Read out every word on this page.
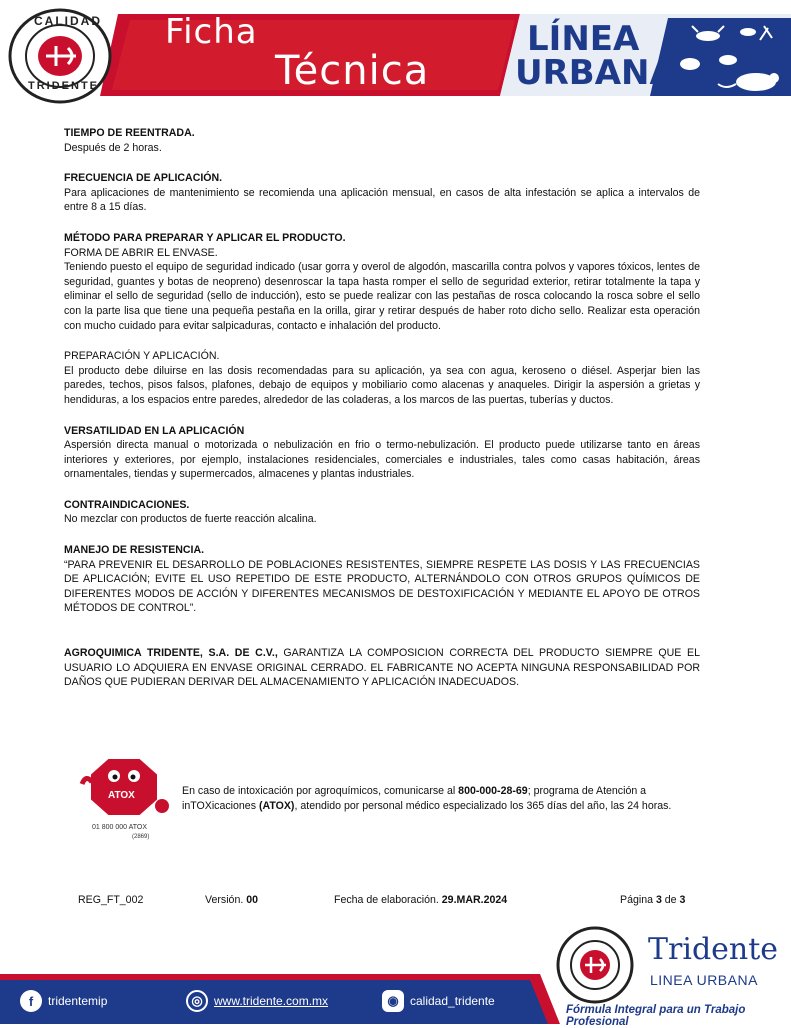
CALIDAD
TRIDENTE
Ficha
Técnica
LÍNEA
URBANA
TIEMPO DE REENTRADA.
Después de 2 horas.
FRECUENCIA DE APLICACIÓN.
Para aplicaciones de mantenimiento se recomienda una aplicación mensual, en casos de alta infestación se aplica a intervalos de entre 8 a 15 días.
MÉTODO PARA PREPARAR Y APLICAR EL PRODUCTO.
FORMA DE ABRIR EL ENVASE.
Teniendo puesto el equipo de seguridad indicado (usar gorra y overol de algodón, mascarilla contra polvos y vapores tóxicos, lentes de seguridad, guantes y botas de neopreno) desenroscar la tapa hasta romper el sello de seguridad exterior, retirar totalmente la tapa y eliminar el sello de seguridad (sello de inducción), esto se puede realizar con las pestañas de rosca colocando la rosca sobre el sello con la parte lisa que tiene una pequeña pestaña en la orilla, girar y retirar después de haber roto dicho sello. Realizar esta operación con mucho cuidado para evitar salpicaduras, contacto e inhalación del producto.
PREPARACIÓN Y APLICACIÓN.
El producto debe diluirse en las dosis recomendadas para su aplicación, ya sea con agua, keroseno o diésel. Asperjar bien las paredes, techos, pisos falsos, plafones, debajo de equipos y mobiliario como alacenas y anaqueles. Dirigir la aspersión a grietas y hendiduras, a los espacios entre paredes, alrededor de las coladeras, a los marcos de las puertas, tuberías y ductos.
VERSATILIDAD EN LA APLICACIÓN
Aspersión directa manual o motorizada o nebulización en frio o termo-nebulización. El producto puede utilizarse tanto en áreas interiores y exteriores, por ejemplo, instalaciones residenciales, comerciales e industriales, tales como casas habitación, áreas ornamentales, tiendas y supermercados, almacenes y plantas industriales.
CONTRAINDICACIONES.
No mezclar con productos de fuerte reacción alcalina.
MANEJO DE RESISTENCIA.
“PARA PREVENIR EL DESARROLLO DE POBLACIONES RESISTENTES, SIEMPRE RESPETE LAS DOSIS Y LAS FRECUENCIAS DE APLICACIÓN; EVITE EL USO REPETIDO DE ESTE PRODUCTO, ALTERNÁNDOLO CON OTROS GRUPOS QUÍMICOS DE DIFERENTES MODOS DE ACCIÓN Y DIFERENTES MECANISMOS DE DESTOXIFICACIÓN Y MEDIANTE EL APOYO DE OTROS MÉTODOS DE CONTROL”.
AGROQUIMICA TRIDENTE, S.A. DE C.V., GARANTIZA LA COMPOSICION CORRECTA DEL PRODUCTO SIEMPRE QUE EL USUARIO LO ADQUIERA EN ENVASE ORIGINAL CERRADO. EL FABRICANTE NO ACEPTA NINGUNA RESPONSABILIDAD POR DAÑOS QUE PUDIERAN DERIVAR DEL ALMACENAMIENTO Y APLICACIÓN INADECUADOS.
ATOX
01 800 000 ATOX
(2869)
En caso de intoxicación por agroquímicos, comunicarse al 800-000-28-69; programa de Atención a inTOXicaciones (ATOX), atendido por personal médico especializado los 365 días del año, las 24 horas.
REG_FT_002	Versión. 00	Fecha de elaboración. 29.MAR.2024	Página 3 de 3
f	tridentemip	◎ www.tridente.com.mx	◉ calidad_tridente
Tridente
LINEA URBANA
Fórmula Integral para un Trabajo Profesional
